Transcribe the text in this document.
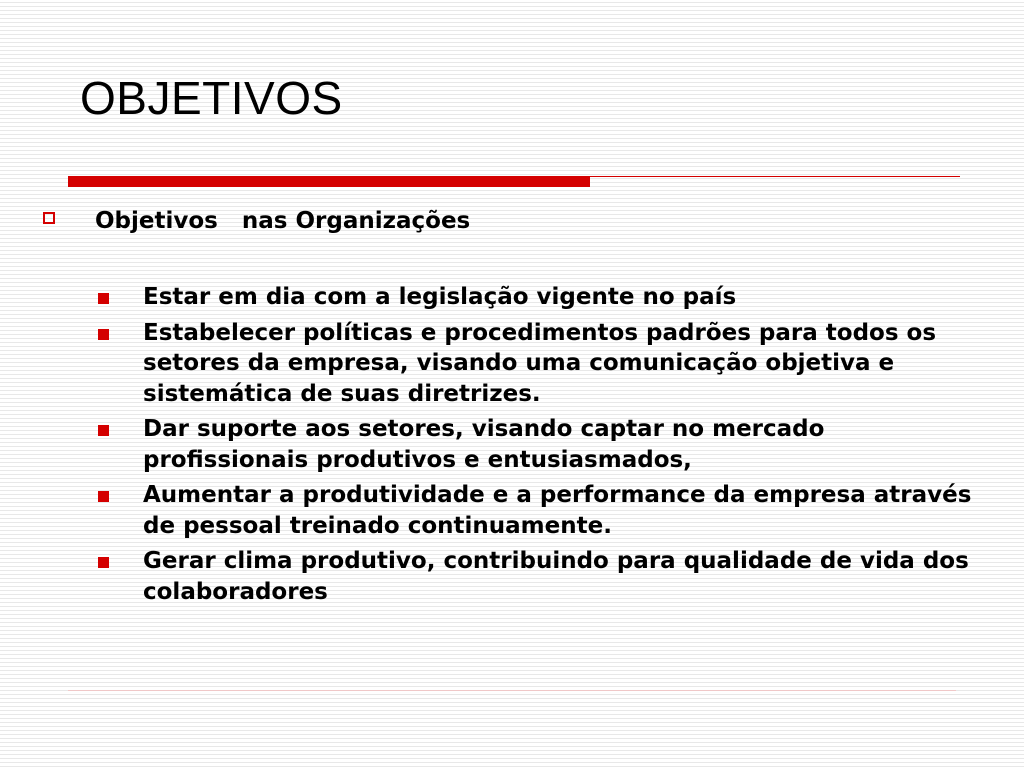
OBJETIVOS
Objetivos   nas Organizações
Estar em dia com a legislação vigente no país
Estabelecer políticas e procedimentos padrões para todos os setores da empresa, visando uma comunicação objetiva e sistemática de suas diretrizes.
Dar suporte aos setores, visando captar no mercado profissionais produtivos e entusiasmados,
Aumentar a produtividade e a performance da empresa através de pessoal treinado continuamente.
Gerar clima produtivo, contribuindo para qualidade de vida dos colaboradores
